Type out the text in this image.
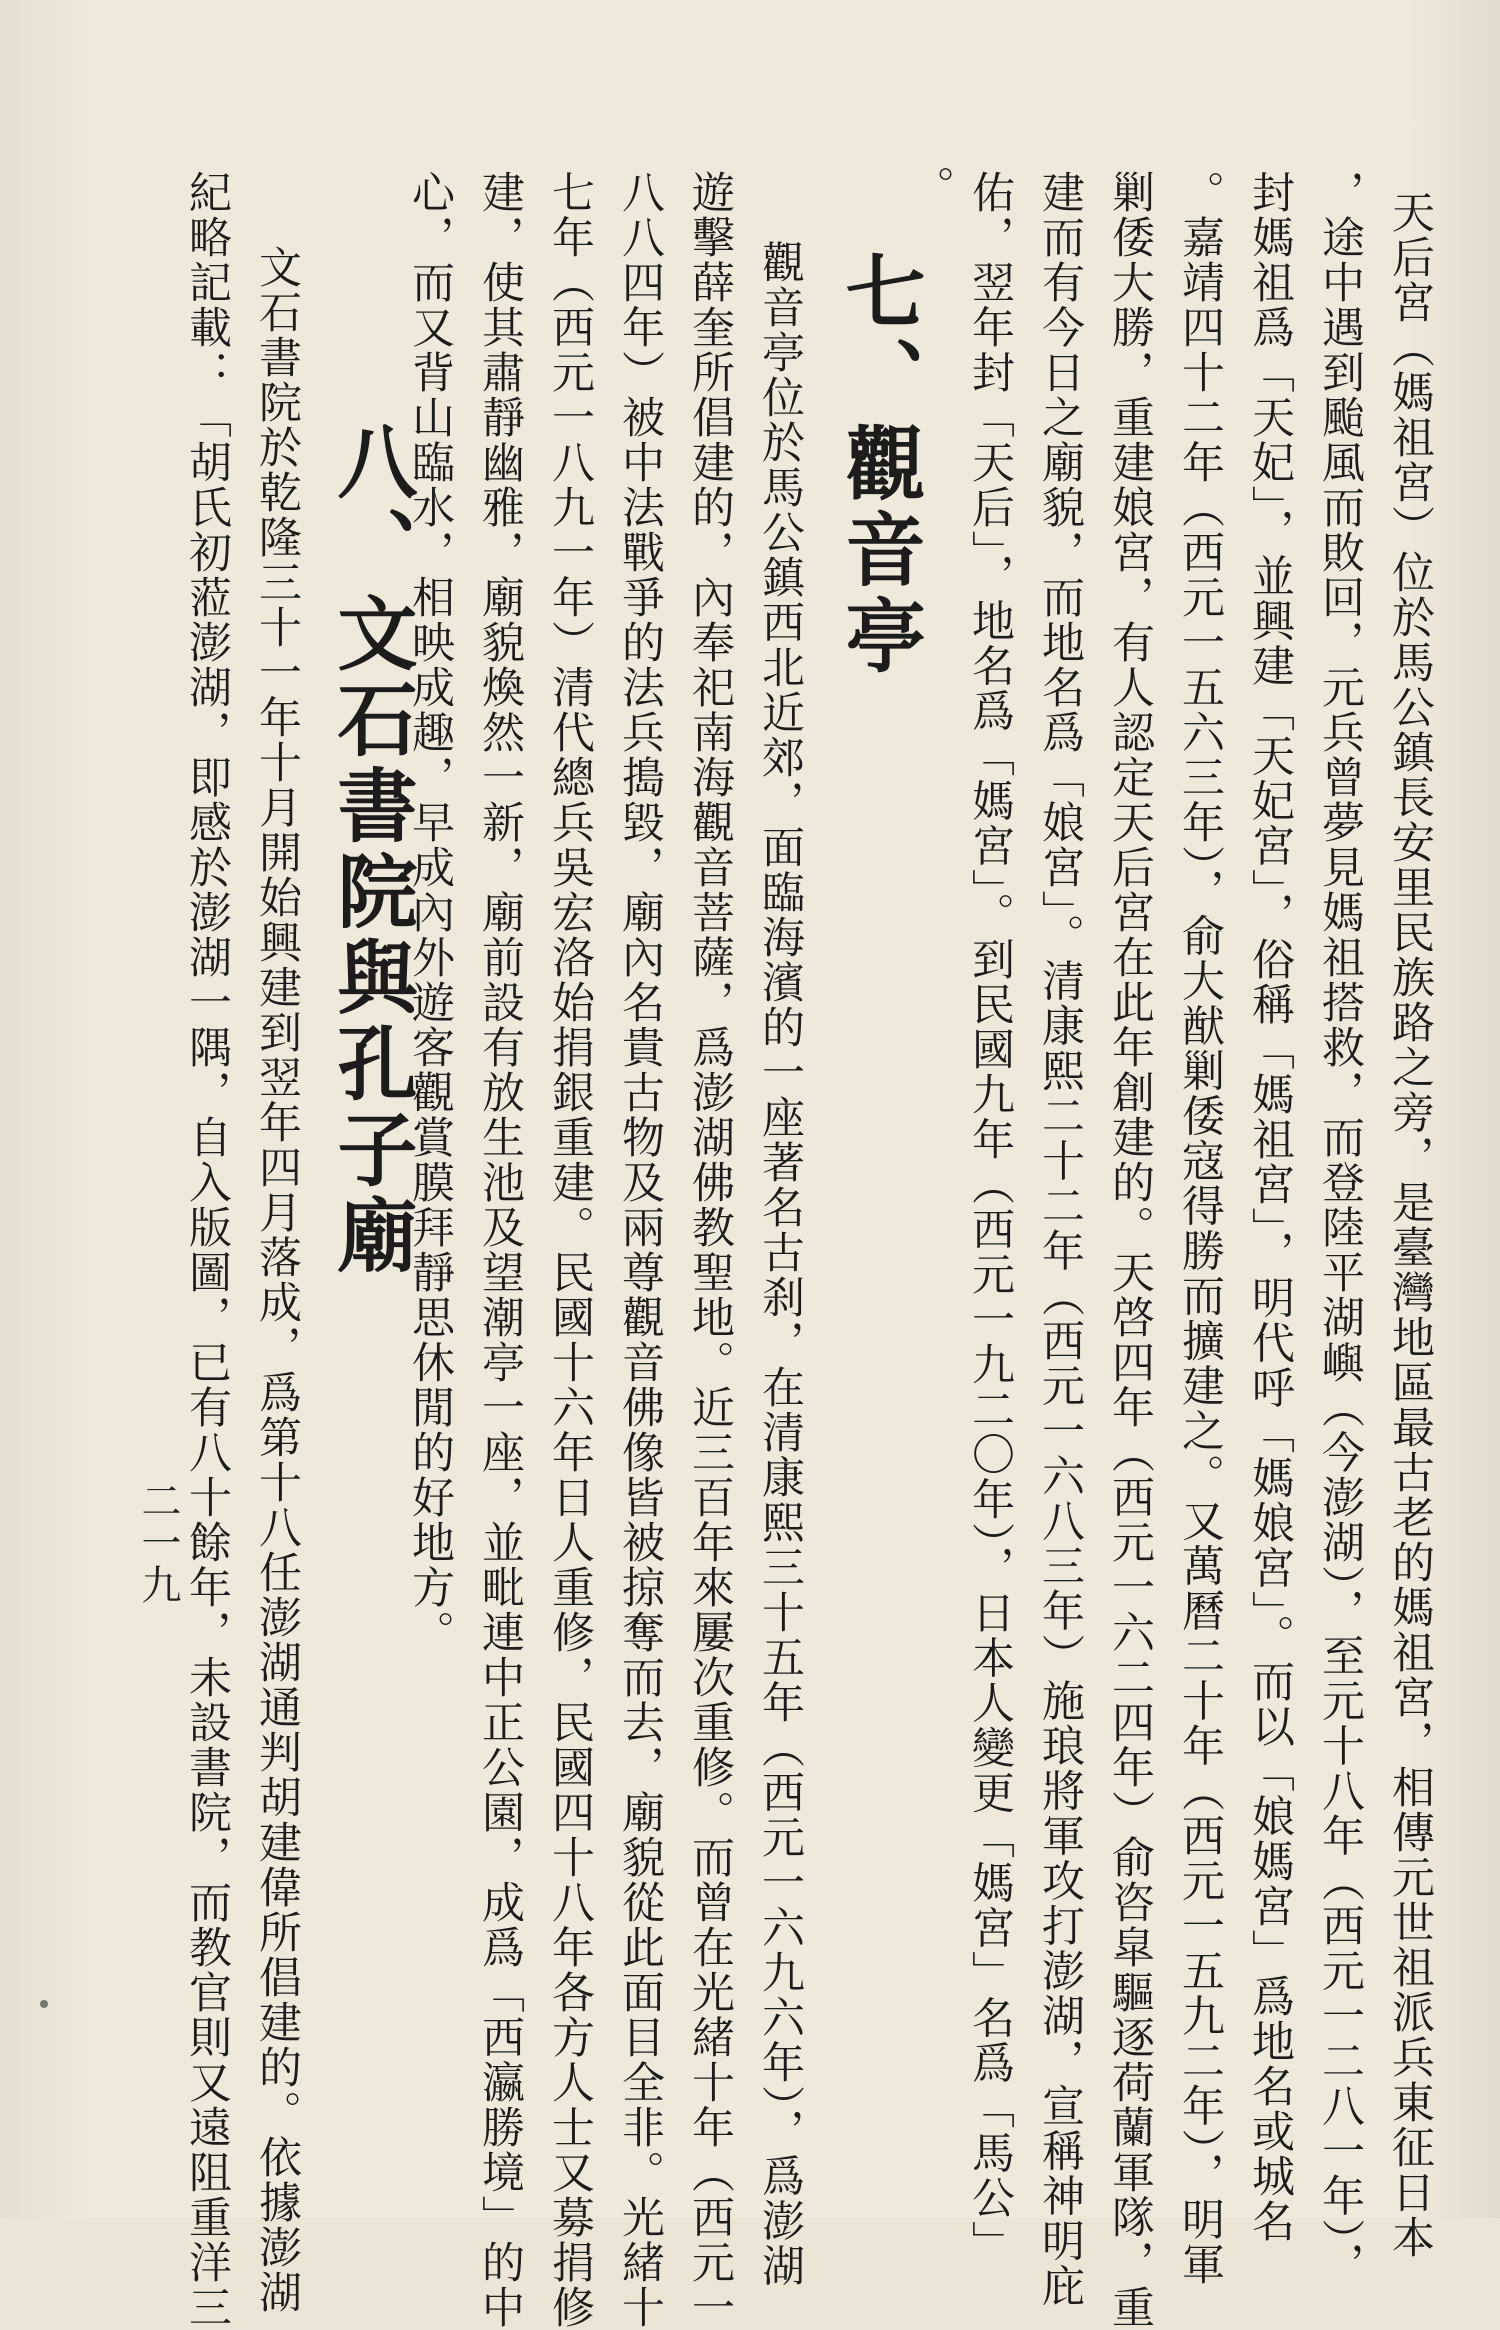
天后宮（媽祖宮）位於馬公鎮長安里民族路之旁，是臺灣地區最古老的媽祖宮，相傳元世祖派兵東征日本
，途中遇到颱風而敗回，元兵曾夢見媽祖搭救，而登陸平湖嶼（今澎湖），至元十八年（西元一二八一年），
封媽祖爲「天妃」，並興建「天妃宮」，俗稱「媽祖宮」，明代呼「媽娘宮」。而以「娘媽宮」爲地名或城名
。嘉靖四十二年（西元一五六三年），俞大猷剿倭寇得勝而擴建之。又萬曆二十年（西元一五九二年），明軍
剿倭大勝，重建娘宮，有人認定天后宮在此年創建的。天啓四年（西元一六二四年）俞咨皐驅逐荷蘭軍隊，重
建而有今日之廟貌，而地名爲「娘宮」。清康熙二十二年（西元一六八三年）施琅將軍攻打澎湖，宣稱神明庇
佑，翌年封「天后」，地名爲「媽宮」。到民國九年（西元一九二〇年），日本人變更「媽宮」名爲「馬公」
。
七、觀音亭
觀音亭位於馬公鎮西北近郊，面臨海濱的一座著名古刹，在清康熙三十五年（西元一六九六年），爲澎湖
遊擊薛奎所倡建的，內奉祀南海觀音菩薩，爲澎湖佛教聖地。近三百年來屢次重修。而曾在光緒十年（西元一
八八四年）被中法戰爭的法兵搗毀，廟內名貴古物及兩尊觀音佛像皆被掠奪而去，廟貌從此面目全非。光緒十
七年（西元一八九一年）清代總兵吳宏洛始捐銀重建。民國十六年日人重修，民國四十八年各方人士又募捐修
建，使其肅靜幽雅，廟貌煥然一新，廟前設有放生池及望潮亭一座，並毗連中正公園，成爲「西瀛勝境」的中
心，而又背山臨水，相映成趣，早成內外遊客觀賞膜拜靜思休閒的好地方。
八、文石書院與孔子廟
文石書院於乾隆三十一年十月開始興建到翌年四月落成，爲第十八任澎湖通判胡建偉所倡建的。依據澎湖
紀略記載：「胡氏初蒞澎湖，即感於澎湖一隅，自入版圖，已有八十餘年，未設書院，而教官則又遠阻重洋三
二一九
